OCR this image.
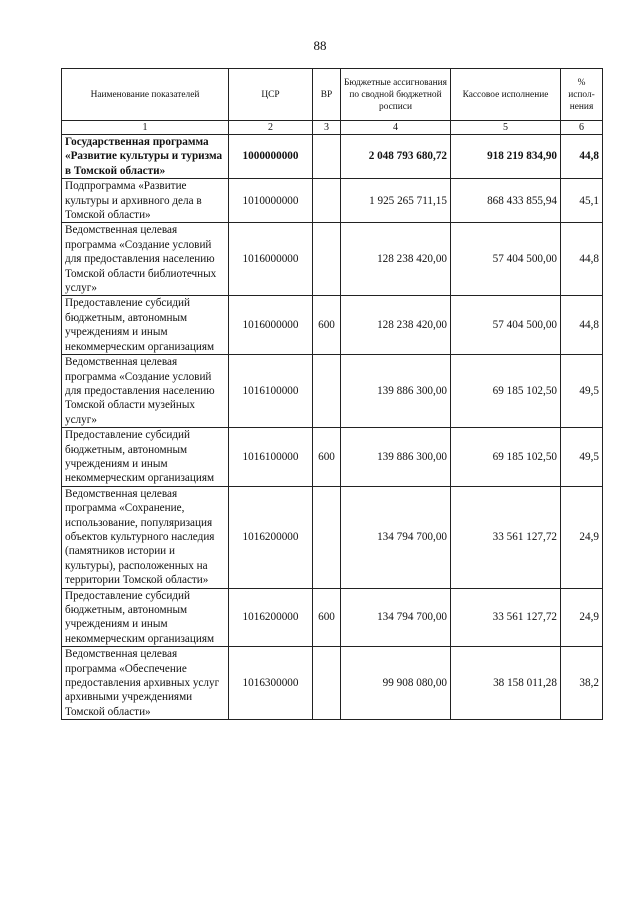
88
Наименование показателей	ЦСР	ВР	Бюджетные ассигнования по сводной бюджетной росписи	Кассовое исполнение	% испол-нения
1	2	3	4	5	6
Государственная программа «Развитие культуры и туризма в Томской области»	1000000000		2 048 793 680,72	918 219 834,90	44,8
Подпрограмма «Развитие культуры и архивного дела в Томской области»	1010000000		1 925 265 711,15	868 433 855,94	45,1
Ведомственная целевая программа «Создание условий для предоставления населению Томской области библиотечных услуг»	1016000000		128 238 420,00	57 404 500,00	44,8
Предоставление субсидий бюджетным, автономным учреждениям и иным некоммерческим организациям	1016000000	600	128 238 420,00	57 404 500,00	44,8
Ведомственная целевая программа «Создание условий для предоставления населению Томской области музейных услуг»	1016100000		139 886 300,00	69 185 102,50	49,5
Предоставление субсидий бюджетным, автономным учреждениям и иным некоммерческим организациям	1016100000	600	139 886 300,00	69 185 102,50	49,5
Ведомственная целевая программа «Сохранение, использование, популяризация объектов культурного наследия (памятников истории и культуры), расположенных на территории Томской области»	1016200000		134 794 700,00	33 561 127,72	24,9
Предоставление субсидий бюджетным, автономным учреждениям и иным некоммерческим организациям	1016200000	600	134 794 700,00	33 561 127,72	24,9
Ведомственная целевая программа «Обеспечение предоставления архивных услуг архивными учреждениями Томской области»	1016300000		99 908 080,00	38 158 011,28	38,2
